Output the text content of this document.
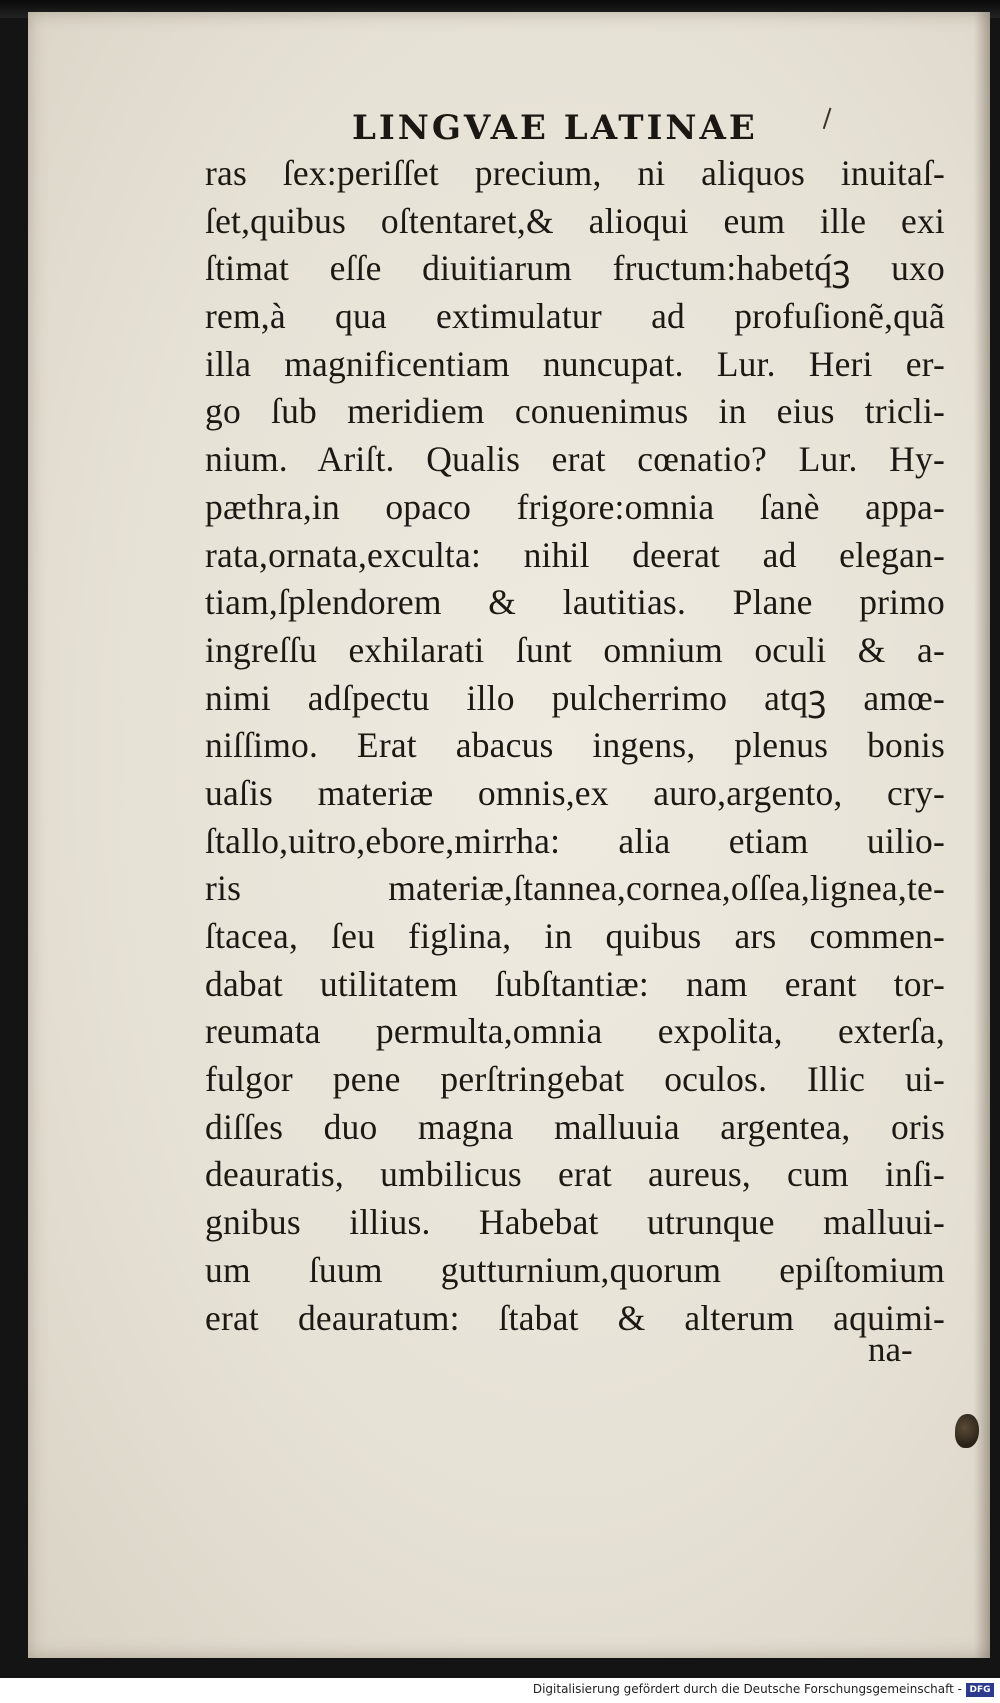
LINGVAE LATINAE
ras ſex:periſſet precium, ni aliquos inuitaſ-
ſet,quibus oſtentaret,& alioqui eum ille exi
ſtimat eſſe diuitiarum fructum:habetq́ꝫ uxo
rem,à qua extimulatur ad profuſionẽ,quã
illa magnificentiam nuncupat. Lur. Heri er-
go ſub meridiem conuenimus in eius tricli-
nium. Ariſt. Qualis erat cœnatio? Lur. Hy-
pæthra,in opaco frigore:omnia ſanè appa-
rata,ornata,exculta: nihil deerat ad elegan-
tiam,ſplendorem & lautitias. Plane primo
ingreſſu exhilarati ſunt omnium oculi & a-
nimi adſpectu illo pulcherrimo atqꝫ amœ-
niſſimo. Erat abacus ingens, plenus bonis
uaſis materiæ omnis,ex auro,argento, cry-
ſtallo,uitro,ebore,mirrha: alia etiam uilio-
ris materiæ,ſtannea,cornea,oſſea,lignea,te-
ſtacea, ſeu figlina, in quibus ars commen-
dabat utilitatem ſubſtantiæ: nam erant tor-
reumata permulta,omnia expolita, exterſa,
fulgor pene perſtringebat oculos. Illic ui-
diſſes duo magna malluuia argentea, oris
deauratis, umbilicus erat aureus, cum inſi-
gnibus illius. Habebat utrunque malluui-
um ſuum gutturnium,quorum epiſtomium
erat deauratum: ſtabat & alterum aquimi-
na-
Digitalisierung gefördert durch die Deutsche Forschungsgemeinschaft - DFG
